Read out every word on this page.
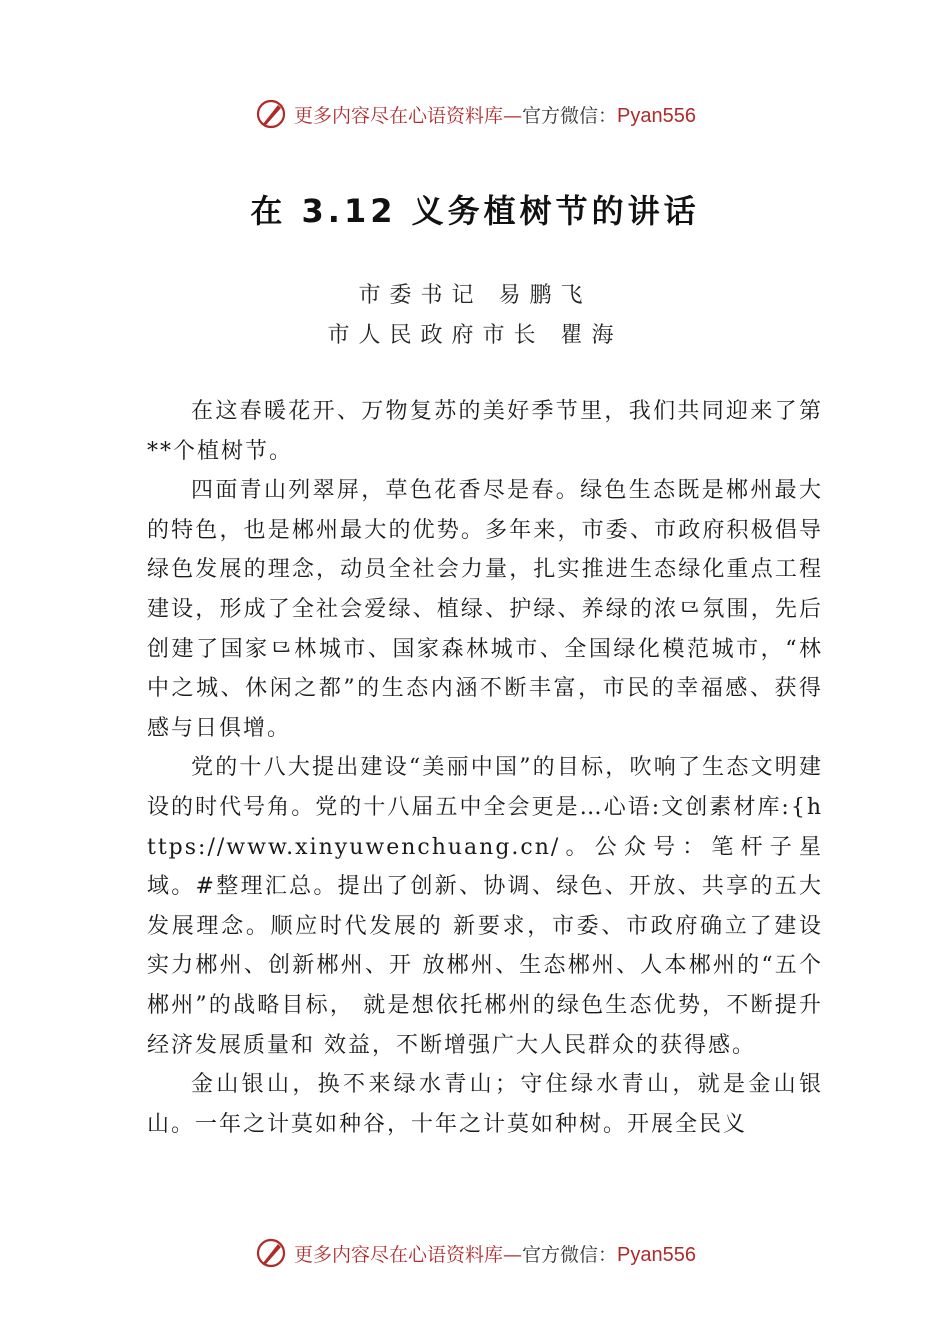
更多内容尽在心语资料库—官方微信：Pyan556
在 3.12 义务植树节的讲话
市委书记 易鹏飞
市人民政府市长 瞿海

在这春暖花开、万物复苏的美好季节里，我们共同迎来了第**个植树节。

四面青山列翠屏，草色花香尽是春。绿色生态既是郴州最大的特色，也是郴州最大的优势。多年来，市委、市政府积极倡导绿色发展的理念，动员全社会力量，扎实推进生态绿化重点工程建设，形成了全社会爱绿、植绿、护绿、养绿的浓⺋氛围，先后创建了国家⺋林城市、国家森林城市、全国绿化模范城市，“林中之城、休闲之都”的生态内涵不断丰富，市民的幸福感、获得感与日俱增。

党的十八大提出建设“美丽中国”的目标，吹响了生态文明建设的时代号角。党的十八届五中全会更是…心语:文创素材库:{https://www.xinyuwenchuang.cn/。公众号：笔杆子星域。#整理汇总。提出了创新、协调、绿色、开放、共享的五大发展理念。顺应时代发展的 新要求，市委、市政府确立了建设实力郴州、创新郴州、开 放郴州、生态郴州、人本郴州的“五个郴州”的战略目标， 就是想依托郴州的绿色生态优势，不断提升经济发展质量和 效益，不断增强广大人民群众的获得感。

金山银山，换不来绿水青山；守住绿水青山，就是金山银山。一年之计莫如种谷，十年之计莫如种树。开展全民义

更多内容尽在心语资料库—官方微信：Pyan556
